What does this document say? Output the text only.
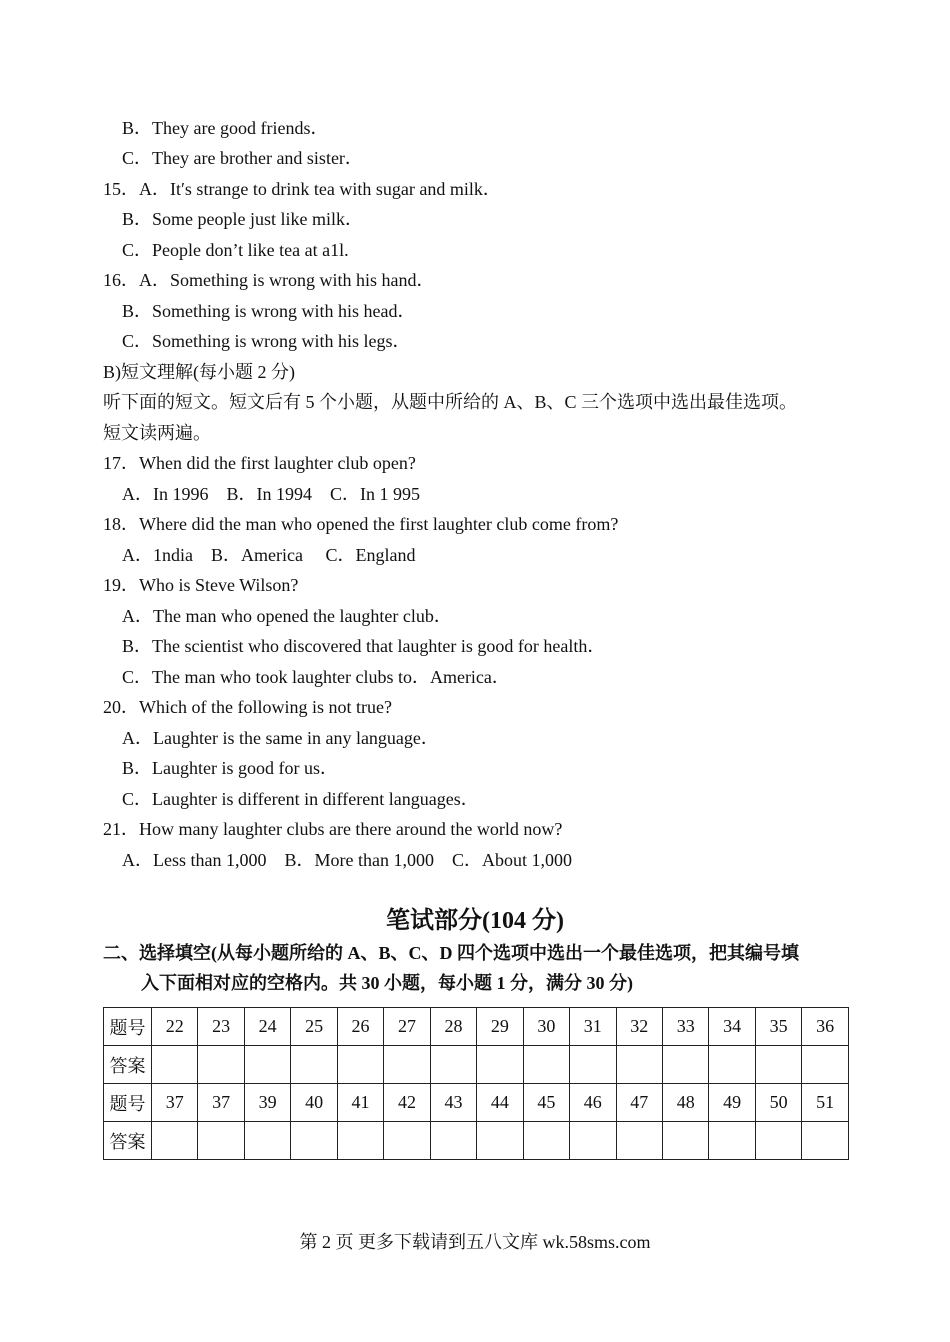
B．They are good friends．
C．They are brother and sister．
15．A．It′s strange to drink tea with sugar and milk．
B．Some people just like milk．
C．People don’t like tea at a1l.
16．A．Something is wrong with his hand．
B．Something is wrong with his head．
C．Something is wrong with his legs．
B)短文理解(每小题 2 分)
听下面的短文。短文后有 5 个小题，从题中所给的 A、B、C 三个选项中选出最佳选项。
短文读两遍。
17．When did the first laughter club open?
A．In 1996　B．In 1994　C．In 1 995
18．Where did the man who opened the first laughter club come from?
A．1ndia　B．America　 C．England
19．Who is Steve Wilson?
A．The man who opened the laughter club．
B．The scientist who discovered that laughter is good for health．
C．The man who took laughter clubs to．America．
20．Which of the following is not true?
A．Laughter is the same in any language．
B．Laughter is good for us．
C．Laughter is different in different languages．
21．How many laughter clubs are there around the world now?
A．Less than 1,000　B．More than 1,000　C．About 1,000
笔试部分(104 分)
二、选择填空(从每小题所给的 A、B、C、D 四个选项中选出一个最佳选项，把其编号填
入下面相对应的空格内。共 30 小题，每小题 1 分，满分 30 分)
题号	22	23	24	25	26	27	28	29	30	31	32	33	34	35	36
答案															
题号	37	37	39	40	41	42	43	44	45	46	47	48	49	50	51
答案															
第 2 页 更多下载请到五八文库 wk.58sms.com
